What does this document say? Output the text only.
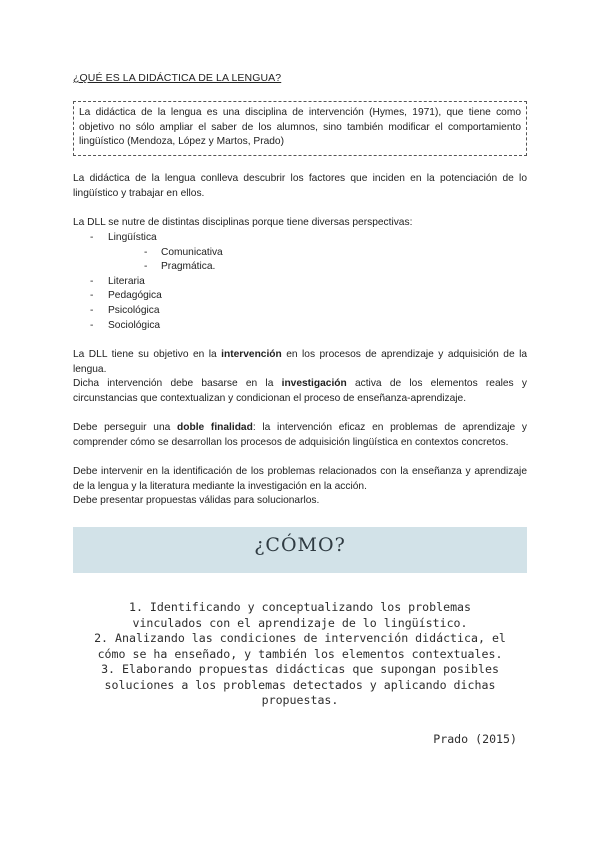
¿QUÉ ES LA DIDÁCTICA DE LA LENGUA?
La didáctica de la lengua es una disciplina de intervención (Hymes, 1971), que tiene como objetivo no sólo ampliar el saber de los alumnos, sino también modificar el comportamiento lingüístico (Mendoza, López y Martos, Prado)
La didáctica de la lengua conlleva descubrir los factores que inciden en la potenciación de lo lingüístico y trabajar en ellos.
La DLL se nutre de distintas disciplinas porque tiene diversas perspectivas:
- Lingüística
- Comunicativa
- Pragmática.
- Literaria
- Pedagógica
- Psicológica
- Sociológica
La DLL tiene su objetivo en la intervención en los procesos de aprendizaje y adquisición de la lengua.
Dicha intervención debe basarse en la investigación activa de los elementos reales y circunstancias que contextualizan y condicionan el proceso de enseñanza-aprendizaje.
Debe perseguir una doble finalidad: la intervención eficaz en problemas de aprendizaje y comprender cómo se desarrollan los procesos de adquisición lingüística en contextos concretos.
Debe intervenir en la identificación de los problemas relacionados con la enseñanza y aprendizaje de la lengua y la literatura mediante la investigación en la acción.
Debe presentar propuestas válidas para solucionarlos.
¿CÓMO?
1. Identificando y conceptualizando los problemas vinculados con el aprendizaje de lo lingüístico.
2. Analizando las condiciones de intervención didáctica, el cómo se ha enseñado, y también los elementos contextuales.
3. Elaborando propuestas didácticas que supongan posibles soluciones a los problemas detectados y aplicando dichas propuestas.
Prado (2015)
